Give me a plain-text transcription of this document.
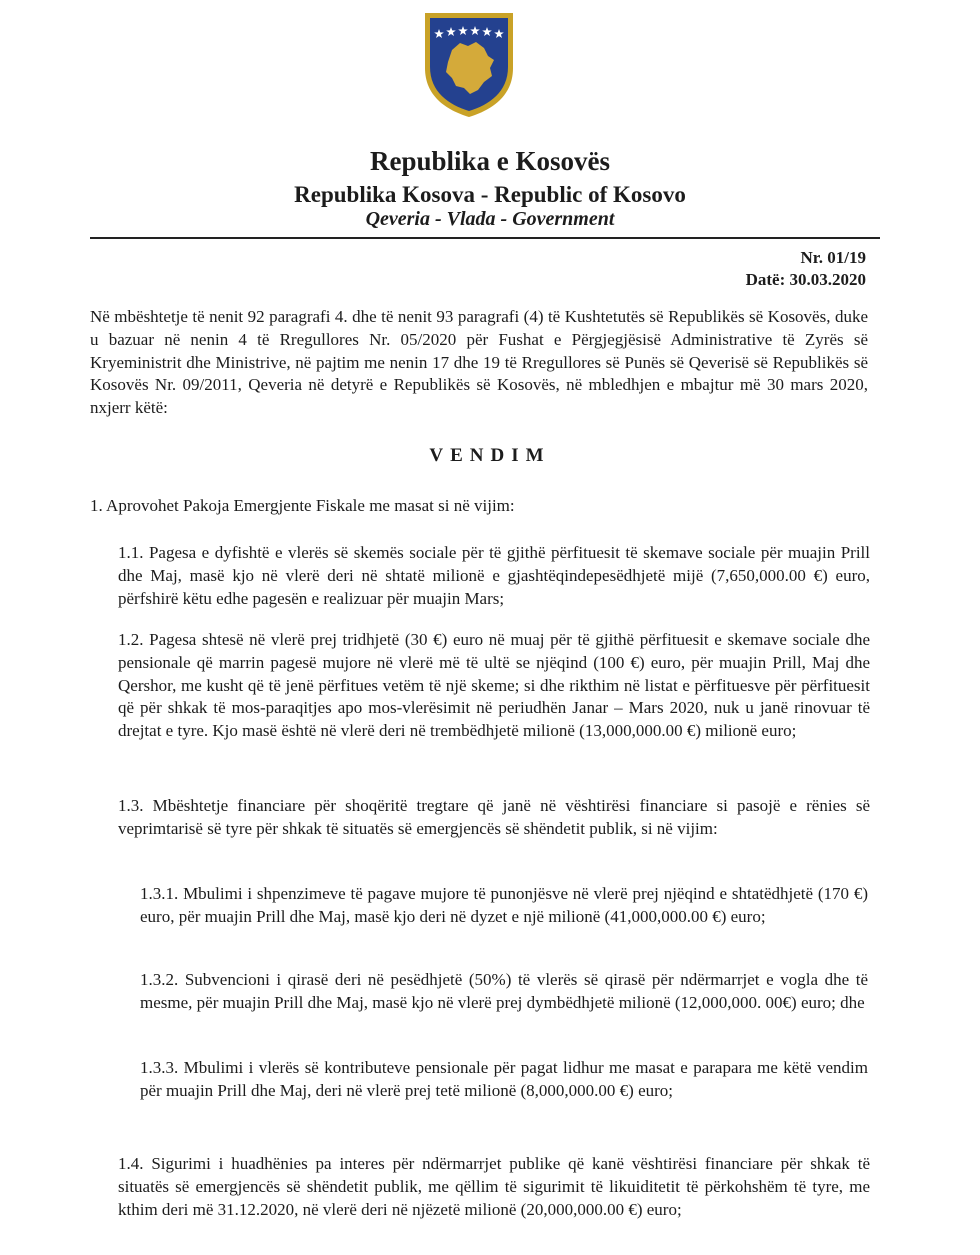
Republika e Kosovës
Republika Kosova - Republic of Kosovo
Qeveria - Vlada - Government
Nr. 01/19
Datë: 30.03.2020

Në mbështetje të nenit 92 paragrafi 4. dhe të nenit 93 paragrafi (4) të Kushtetutës së Republikës së Kosovës, duke u bazuar në nenin 4 të Rregullores Nr. 05/2020 për Fushat e Përgjegjësisë Administrative të Zyrës së Kryeministrit dhe Ministrive, në pajtim me nenin 17 dhe 19 të Rregullores së Punës së Qeverisë së Republikës së Kosovës Nr. 09/2011, Qeveria në detyrë e Republikës së Kosovës, në mbledhjen e mbajtur më 30 mars 2020, nxjerr këtë:

VENDIM

1. Aprovohet Pakoja Emergjente Fiskale me masat si në vijim:

1.1. Pagesa e dyfishtë e vlerës së skemës sociale për të gjithë përfituesit të skemave sociale për muajin Prill dhe Maj, masë kjo në vlerë deri në shtatë milionë e gjashtëqindepesëdhjetë mijë (7,650,000.00 €) euro, përfshirë këtu edhe pagesën e realizuar për muajin Mars;

1.2. Pagesa shtesë në vlerë prej tridhjetë (30 €) euro në muaj për të gjithë përfituesit e skemave sociale dhe pensionale që marrin pagesë mujore në vlerë më të ultë se njëqind (100 €) euro, për muajin Prill, Maj dhe Qershor, me kusht që të jenë përfitues vetëm të një skeme; si dhe rikthim në listat e përfituesve për përfituesit që për shkak të mos-paraqitjes apo mos-vlerësimit në periudhën Janar – Mars 2020, nuk u janë rinovuar të drejtat e tyre. Kjo masë është në vlerë deri në trembëdhjetë milionë (13,000,000.00 €) milionë euro;

1.3. Mbështetje financiare për shoqëritë tregtare që janë në vështirësi financiare si pasojë e rënies së veprimtarisë së tyre për shkak të situatës së emergjencës së shëndetit publik, si në vijim:

1.3.1. Mbulimi i shpenzimeve të pagave mujore të punonjësve në vlerë prej njëqind e shtatëdhjetë (170 €) euro, për muajin Prill dhe Maj, masë kjo deri në dyzet e një milionë (41,000,000.00 €) euro;

1.3.2. Subvencioni i qirasë deri në pesëdhjetë (50%) të vlerës së qirasë për ndërmarrjet e vogla dhe të mesme, për muajin Prill dhe Maj, masë kjo në vlerë prej dymbëdhjetë milionë (12,000,000. 00€) euro; dhe

1.3.3. Mbulimi i vlerës së kontributeve pensionale për pagat lidhur me masat e parapara me këtë vendim për muajin Prill dhe Maj, deri në vlerë prej tetë milionë (8,000,000.00 €) euro;

1.4. Sigurimi i huadhënies pa interes për ndërmarrjet publike që kanë vështirësi financiare për shkak të situatës së emergjencës së shëndetit publik, me qëllim të sigurimit të likuiditetit të përkohshëm të tyre, me kthim deri më 31.12.2020, në vlerë deri në njëzetë milionë (20,000,000.00 €) euro;
